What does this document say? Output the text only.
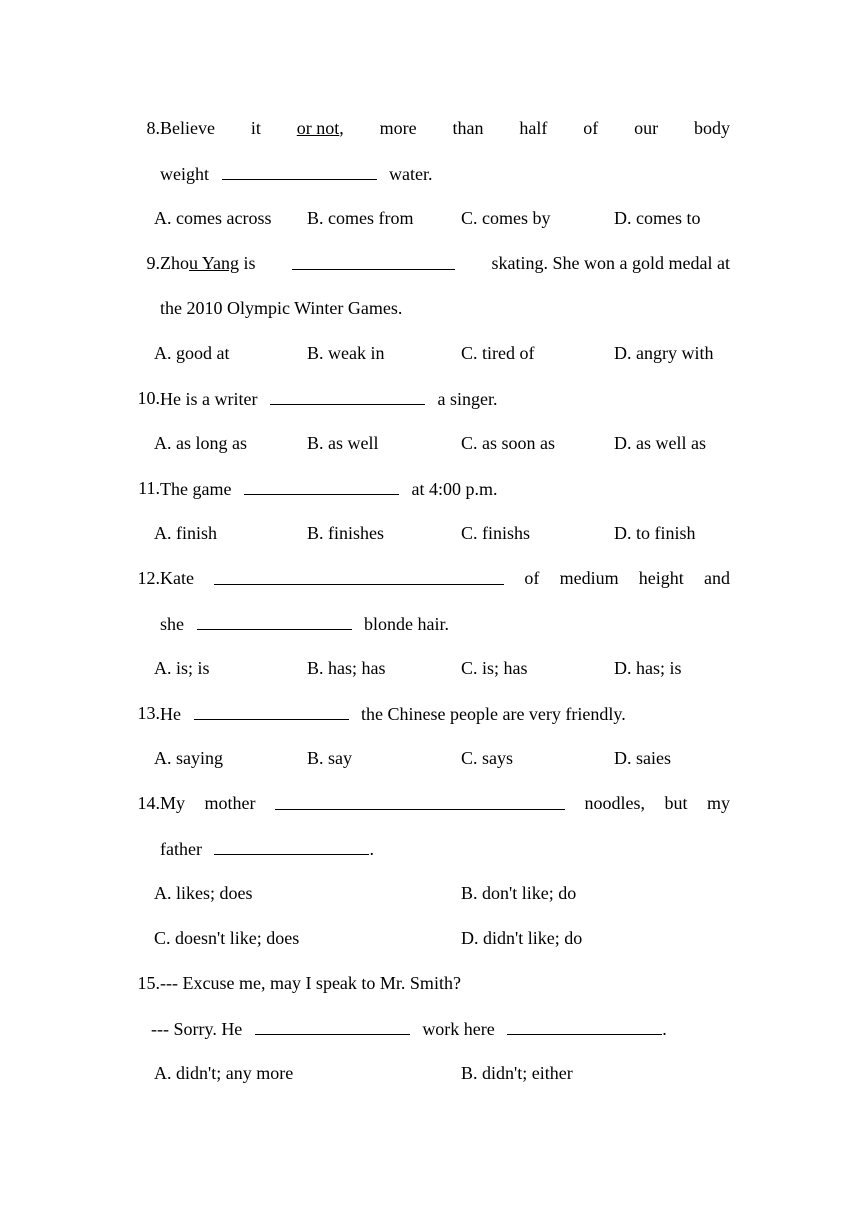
8. Believe it or not, more than half of our body
weight	water.
A. comes across B. comes from	C. comes by	D. comes to
9. Zhou Yang is	skating. She won a gold medal at
the 2010 Olympic Winter Games.
A. good at	B. weak in	C. tired of	D. angry with
10. He is a writer	a singer.
A. as long as	B. as well	C. as soon as	D. as well as
11. The game	at 4:00 p.m.
A. finish	B. finishes	C. finishs	D. to finish
12. Kate	of medium height and
she	blonde hair.
A. is; is	B. has; has	C. is; has	D. has; is
13. He	the Chinese people are very friendly.
A. saying	B. say	C. says	D. saies
14. My mother	noodles, but my
father	.
A. likes; does	B. don't like; do
C. doesn't like; does	D. didn't like; do
15. --- Excuse me, may I speak to Mr. Smith?
--- Sorry. He	work here	.
A. didn't; any more	B. didn't; either
